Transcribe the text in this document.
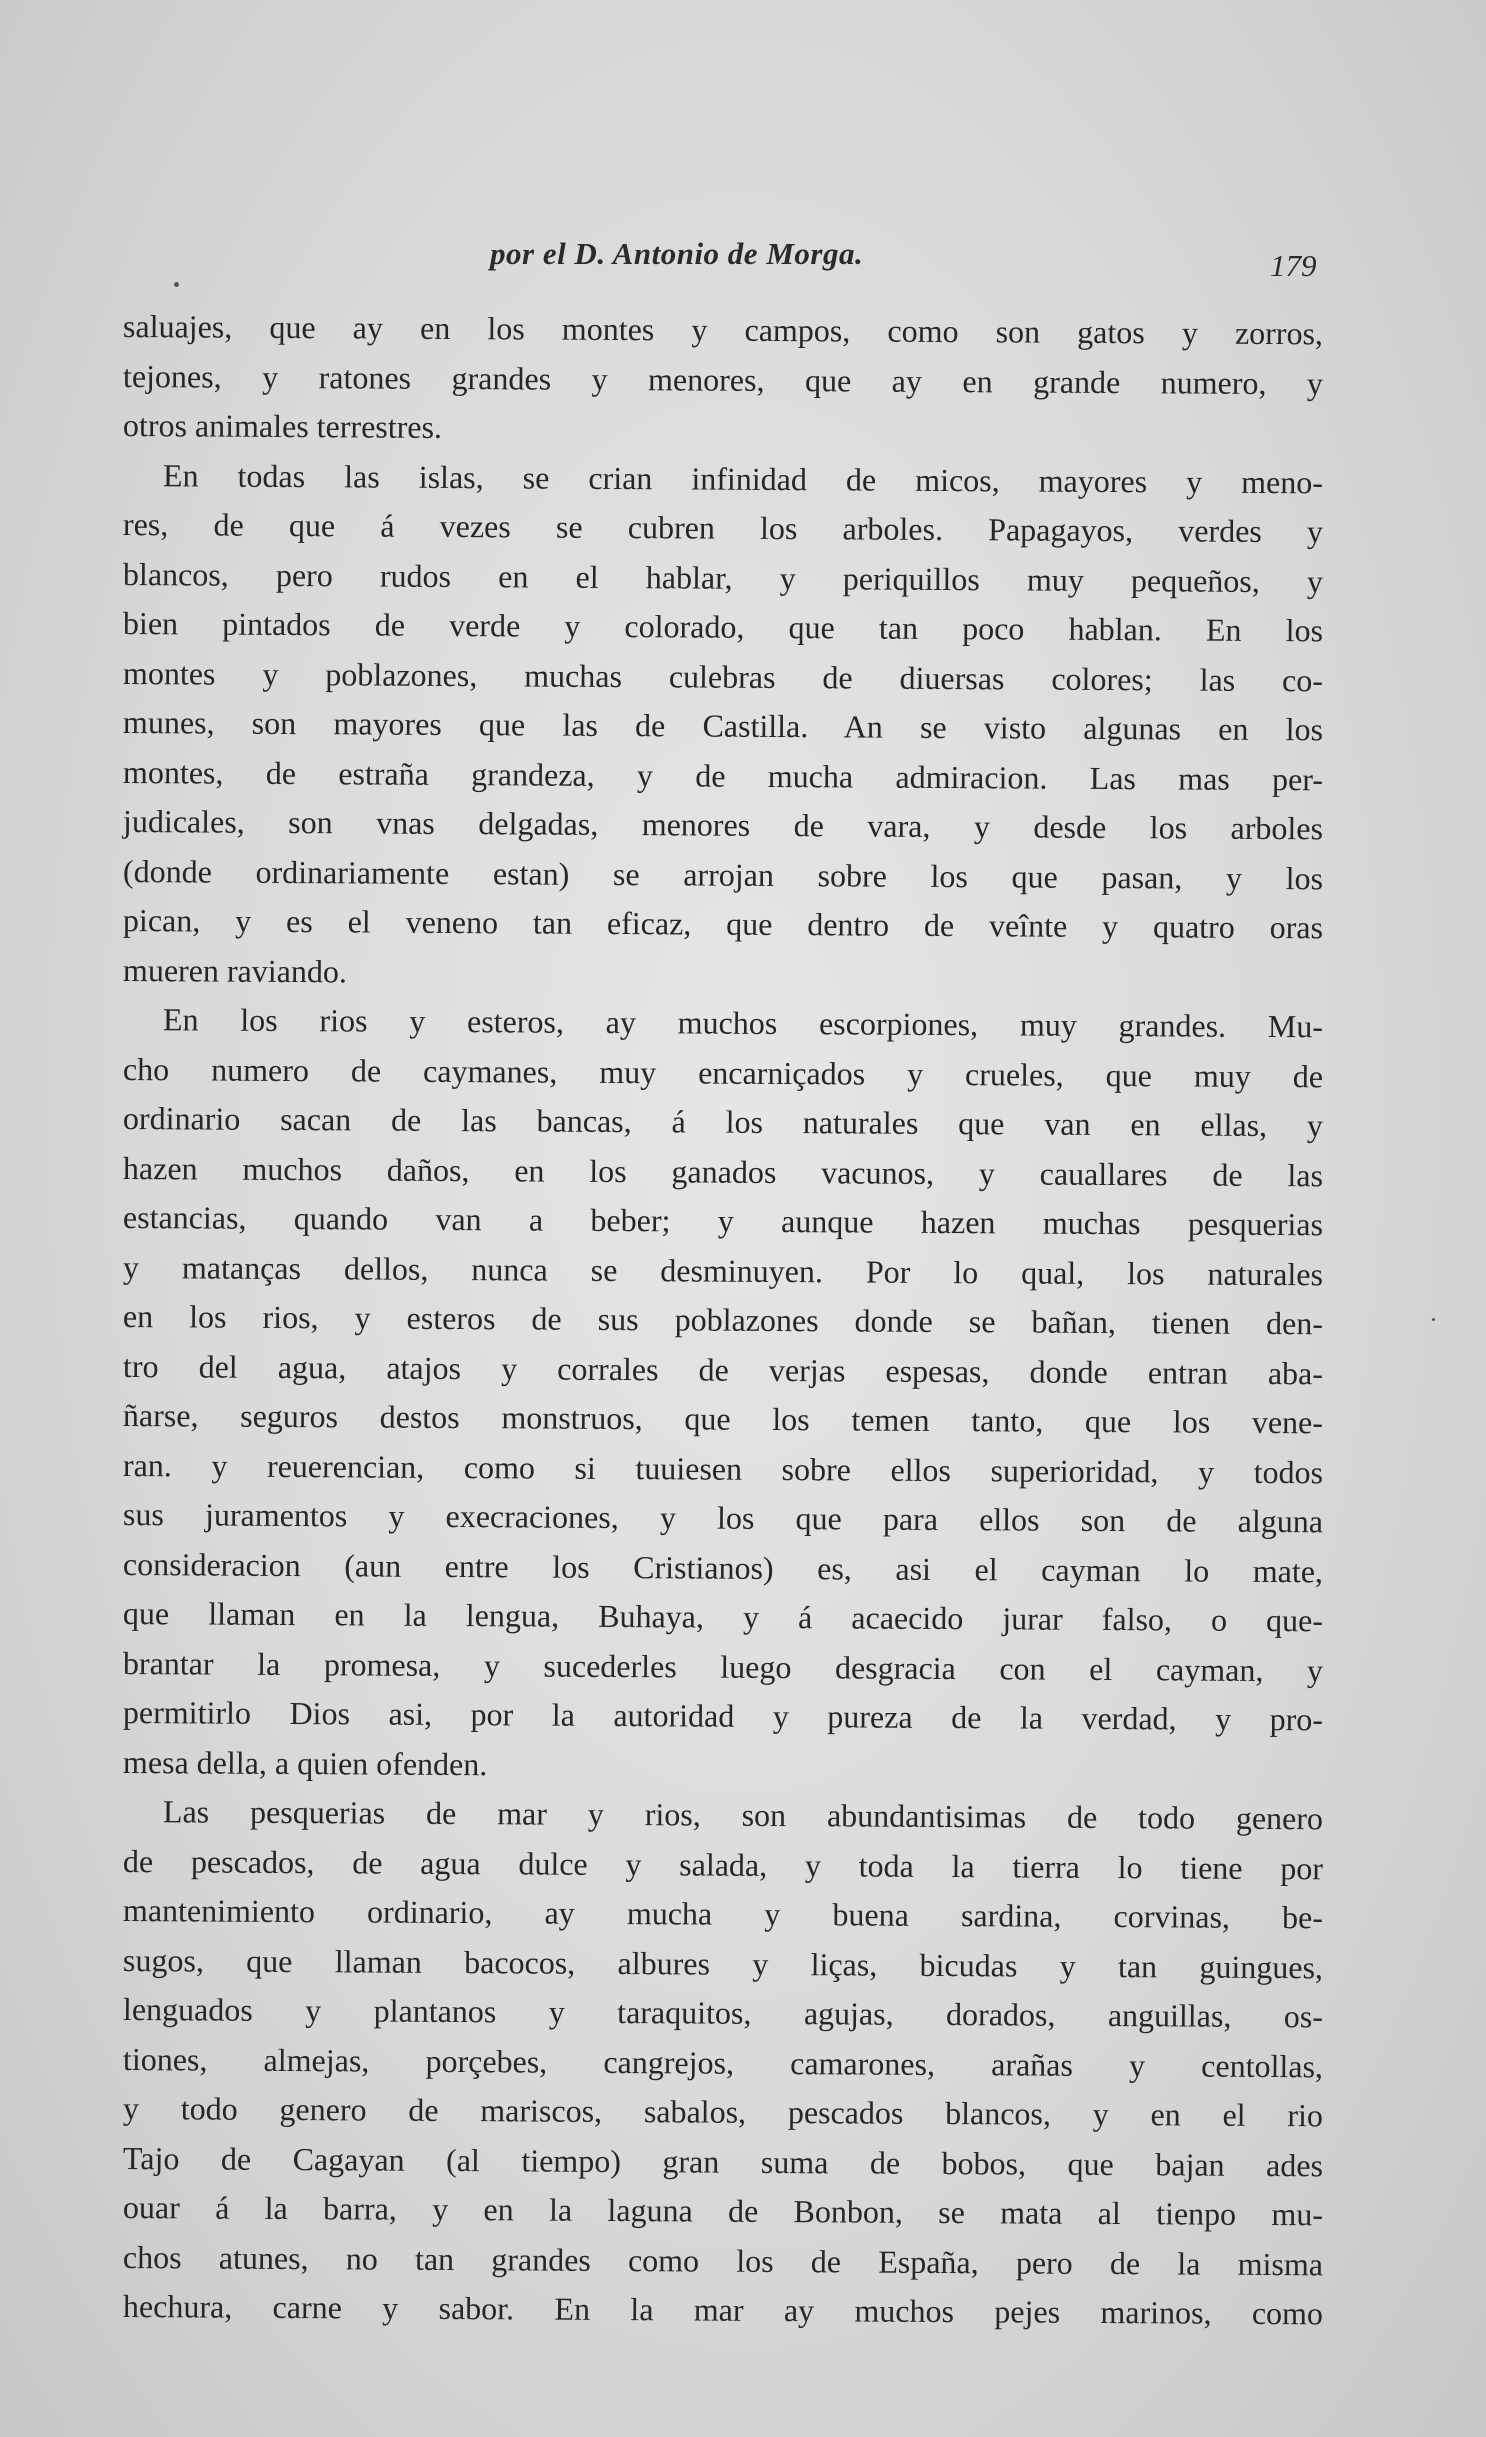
por el D. Antonio de Morga.	179
saluajes, que ay en los montes y campos, como son gatos y zorros,
tejones, y ratones grandes y menores, que ay en grande numero, y
otros animales terrestres.
En todas las islas, se crian infinidad de micos, mayores y meno-
res, de que á vezes se cubren los arboles. Papagayos, verdes y
blancos, pero rudos en el hablar, y periquillos muy pequeños, y
bien pintados de verde y colorado, que tan poco hablan. En los
montes y poblazones, muchas culebras de diuersas colores; las co-
munes, son mayores que las de Castilla. An se visto algunas en los
montes, de estraña grandeza, y de mucha admiracion. Las mas per-
judicales, son vnas delgadas, menores de vara, y desde los arboles
(donde ordinariamente estan) se arrojan sobre los que pasan, y los
pican, y es el veneno tan eficaz, que dentro de veînte y quatro oras
mueren raviando.
En los rios y esteros, ay muchos escorpiones, muy grandes. Mu-
cho numero de caymanes, muy encarniçados y crueles, que muy de
ordinario sacan de las bancas, á los naturales que van en ellas, y
hazen muchos daños, en los ganados vacunos, y cauallares de las
estancias, quando van a beber; y aunque hazen muchas pesquerias
y matanças dellos, nunca se desminuyen. Por lo qual, los naturales
en los rios, y esteros de sus poblazones donde se bañan, tienen den-
tro del agua, atajos y corrales de verjas espesas, donde entran aba-
ñarse, seguros destos monstruos, que los temen tanto, que los vene-
ran. y reuerencian, como si tuuiesen sobre ellos superioridad, y todos
sus juramentos y execraciones, y los que para ellos son de alguna
consideracion (aun entre los Cristianos) es, asi el cayman lo mate,
que llaman en la lengua, Buhaya, y á acaecido jurar falso, o que-
brantar la promesa, y sucederles luego desgracia con el cayman, y
permitirlo Dios asi, por la autoridad y pureza de la verdad, y pro-
mesa della, a quien ofenden.
Las pesquerias de mar y rios, son abundantisimas de todo genero
de pescados, de agua dulce y salada, y toda la tierra lo tiene por
mantenimiento ordinario, ay mucha y buena sardina, corvinas, be-
sugos, que llaman bacocos, albures y liças, bicudas y tan guingues,
lenguados y plantanos y taraquitos, agujas, dorados, anguillas, os-
tiones, almejas, porçebes, cangrejos, camarones, arañas y centollas,
y todo genero de mariscos, sabalos, pescados blancos, y en el rio
Tajo de Cagayan (al tiempo) gran suma de bobos, que bajan ades
ouar á la barra, y en la laguna de Bonbon, se mata al tienpo mu-
chos atunes, no tan grandes como los de España, pero de la misma
hechura, carne y sabor. En la mar ay muchos pejes marinos, como
